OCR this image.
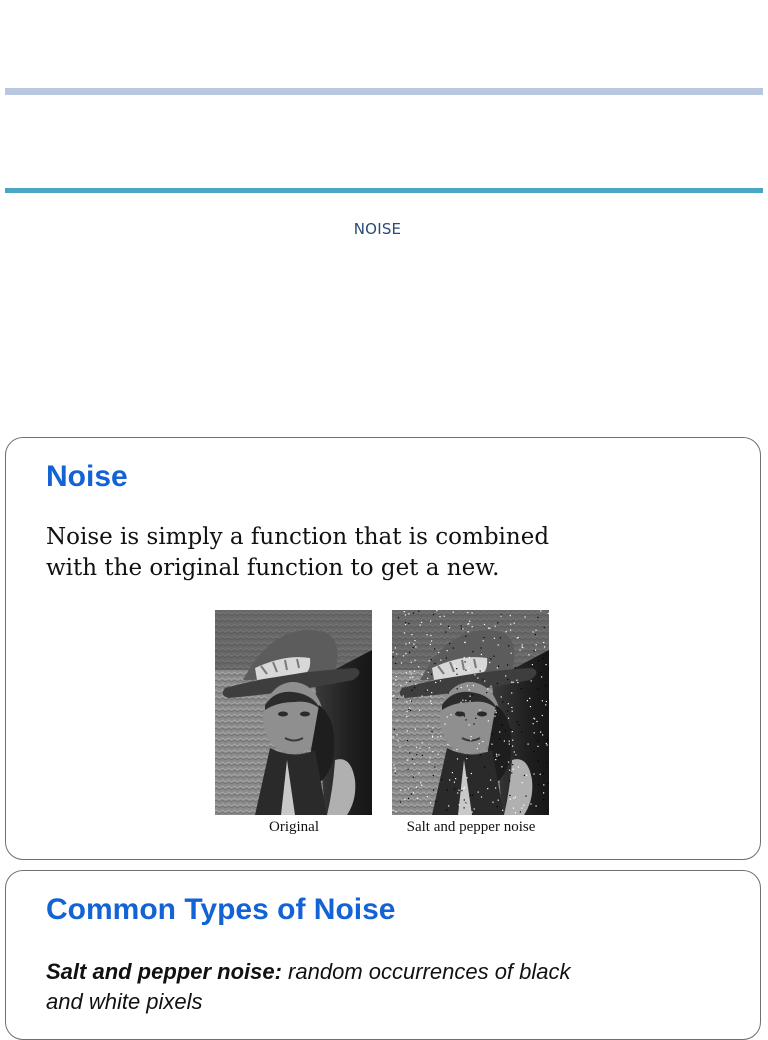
NOISE
Noise

Noise is simply a function that is combined with the original function to get a new.

Original	Salt and pepper noise
Common Types of Noise

Salt and pepper noise: random occurrences of black and white pixels
